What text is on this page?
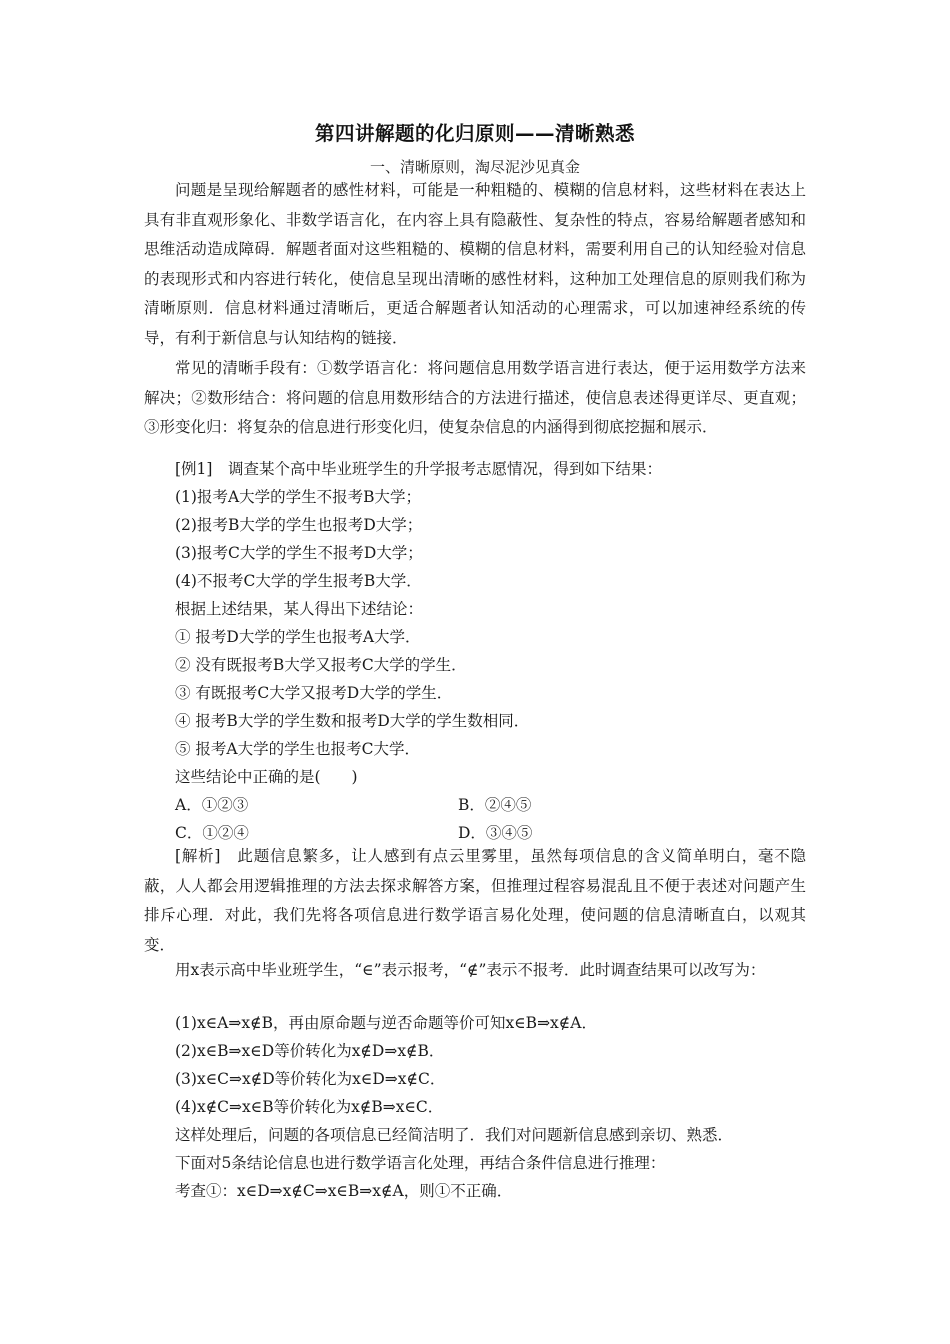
第四讲解题的化归原则——清晰熟悉
一、清晰原则，淘尽泥沙见真金

问题是呈现给解题者的感性材料，可能是一种粗糙的、模糊的信息材料，这些材料在表达上具有非直观形象化、非数学语言化，在内容上具有隐蔽性、复杂性的特点，容易给解题者感知和思维活动造成障碍．解题者面对这些粗糙的、模糊的信息材料，需要利用自己的认知经验对信息的表现形式和内容进行转化，使信息呈现出清晰的感性材料，这种加工处理信息的原则我们称为清晰原则．信息材料通过清晰后，更适合解题者认知活动的心理需求，可以加速神经系统的传导，有利于新信息与认知结构的链接．

常见的清晰手段有：①数学语言化：将问题信息用数学语言进行表达，便于运用数学方法来解决；②数形结合：将问题的信息用数形结合的方法进行描述，使信息表述得更详尽、更直观；③形变化归：将复杂的信息进行形变化归，使复杂信息的内涵得到彻底挖掘和展示．

[例1]　调查某个高中毕业班学生的升学报考志愿情况，得到如下结果：
(1)报考A大学的学生不报考B大学；
(2)报考B大学的学生也报考D大学；
(3)报考C大学的学生不报考D大学；
(4)不报考C大学的学生报考B大学．
根据上述结果，某人得出下述结论：
① 报考D大学的学生也报考A大学．
② 没有既报考B大学又报考C大学的学生．
③ 有既报考C大学又报考D大学的学生．
④ 报考B大学的学生数和报考D大学的学生数相同．
⑤ 报考A大学的学生也报考C大学．
这些结论中正确的是(　　)
A．①②③	B．②④⑤
C．①②④	D．③④⑤

[解析]　此题信息繁多，让人感到有点云里雾里，虽然每项信息的含义简单明白，毫不隐蔽，人人都会用逻辑推理的方法去探求解答方案，但推理过程容易混乱且不便于表述对问题产生排斥心理．对此，我们先将各项信息进行数学语言易化处理，使问题的信息清晰直白，以观其变．

用x表示高中毕业班学生，“∈”表示报考，“∉”表示不报考．此时调查结果可以改写为：

(1)x∈A⇒x∉B，再由原命题与逆否命题等价可知x∈B⇒x∉A．
(2)x∈B⇒x∈D等价转化为x∉D⇒x∉B．
(3)x∈C⇒x∉D等价转化为x∈D⇒x∉C．
(4)x∉C⇒x∈B等价转化为x∉B⇒x∈C．
这样处理后，问题的各项信息已经简洁明了．我们对问题新信息感到亲切、熟悉．
下面对5条结论信息也进行数学语言化处理，再结合条件信息进行推理：
考查①：x∈D⇒x∉C⇒x∈B⇒x∉A，则①不正确．
